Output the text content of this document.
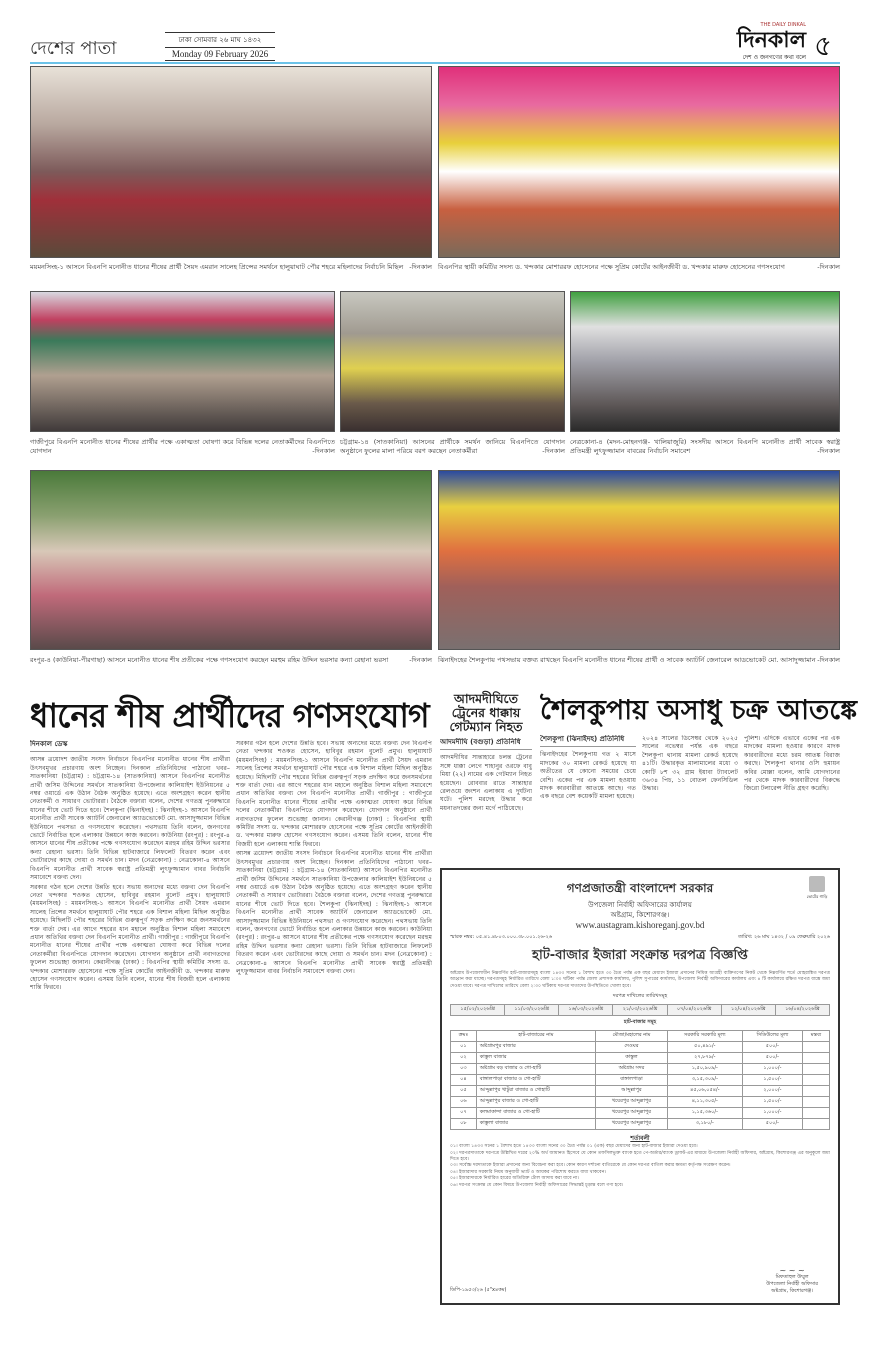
দেশের পাতা	ঢাকা সোমবার ২৬ মাঘ ১৪৩২
Monday 09 February 2026
THE DAILY DINKAL
দিনকাল
দেশ ও জনগণের কথা বলে ৫
ময়মনসিংহ-১ আসনে বিএনপি মনোনীত ধানের শীষের প্রার্থী সৈয়দ এমরান সালেহ প্রিন্সের সমর্থনে হালুয়াঘাট পৌর শহরে মহিলাদের নির্বাচনি মিছিল -দিনকাল বিএনপির স্থায়ী কমিটির সদস্য ড. খন্দকার মোশাররফ হোসেনের পক্ষে সুপ্রিম কোর্টের আইনজীবী ড. খন্দকার মারুফ হোসেনের গণসংযোগ	-দিনকাল
গাজীপুরে বিএনপি মনোনীত ধানের শীষের প্রার্থীর পক্ষে একাত্মতা ঘোষণা করে বিভিন্ন দলের নেতাকর্মীদের বিএনপিতে যোগদান	-দিনকাল
চট্টগ্রাম-১৪ (সাতকানিয়া) আসনের প্রার্থীকে সমর্থন জানিয়ে বিএনপিতে যোগদান অনুষ্ঠানে ফুলের মালা পরিয়ে বরণ করছেন নেতাকর্মীরা	-দিনকাল
নেত্রকোনা-৪ (মদন-মোহনগঞ্জ- খালিয়াজুরি) সংসদীয় আসনে বিএনপি মনোনীত প্রার্থী সাবেক স্বরাষ্ট্র প্রতিমন্ত্রী লুৎফুজ্জামান বাবরের নির্বাচনি সমাবেশ	-দিনকাল
রংপুর-৪ (কাউনিয়া-পীরগাছা) আসনে মনোনীত ধানের শীষ প্রতীকের পক্ষে গণসংযোগ করছেন মরহুম রহিম উদ্দিন ভরসার কন্যা রেহানা ভরসা	-দিনকাল ঝিনাইদহের শৈলকুপায় পথসভায় বক্তব্য রাখছেন বিএনপি মনোনীত ধানের শীষের প্রার্থী ও সাবেক অ্যাটর্নি জেনারেল আডভোকেট মো. আসাদুজ্জামান -দিনকাল
ধানের শীষ প্রার্থীদের গণসংযোগ
দিনকাল ডেস্ক

আসন্ন ত্রয়োদশ জাতীয় সংসদ নির্বাচনে বিএনপির মনোনীত ধানের শীষ প্রার্থীরা উৎসবমুখর প্রচারণায় অংশ নিচ্ছেন। দিনকাল প্রতিনিধিদের পাঠানো খবর– সাতকানিয়া (চট্টগ্রাম) : চট্টগ্রাম-১৪ (সাতকানিয়া) আসনে বিএনপির মনোনীত প্রার্থী জসিম উদ্দিনের সমর্থনে সাতকানিয়া উপজেলার কালিয়াইশ ইউনিয়নের ৫ নম্বর ওয়ার্ডে এক উঠান বৈঠক অনুষ্ঠিত হয়েছে। এতে অংশগ্রহণ করেন স্থানীয় নেতাকর্মী ও সাধারণ ভোটাররা। বৈঠকে বক্তারা বলেন, দেশের গণতন্ত্র পুনরুদ্ধারে ধানের শীষে ভোট দিতে হবে। শৈলকুপা (ঝিনাইদহ) : ঝিনাইদহ-১ আসনে বিএনপি মনোনীত প্রার্থী সাবেক অ্যাটর্নি জেনারেল অ্যাডভোকেট মো. আসাদুজ্জামান বিভিন্ন ইউনিয়নে পথসভা ও গণসংযোগ করেছেন। পথসভায় তিনি বলেন, জনগণের ভোটে নির্বাচিত হলে এলাকার উন্নয়নে কাজ করবেন। কাউনিয়া (রংপুর) : রংপুর-৪ আসনে ধানের শীষ প্রতীকের পক্ষে গণসংযোগ করেছেন মরহুম রহিম উদ্দিন ভরসার কন্যা রেহানা ভরসা। তিনি বিভিন্ন হাটবাজারে লিফলেট বিতরণ করেন এবং ভোটারদের কাছে দোয়া ও সমর্থন চান। মদন (নেত্রকোনা) : নেত্রকোনা-৪ আসনে বিএনপি মনোনীত প্রার্থী সাবেক স্বরাষ্ট্র প্রতিমন্ত্রী লুৎফুজ্জামান বাবর নির্বাচনি সমাবেশে বক্তব্য দেন।

সরকার গঠন হলে দেশের উন্নতি হবে। সভায় অন্যদের মধ্যে বক্তব্য দেন বিএনপি নেতা খন্দকার শওকত হোসেন, হাবিবুর রহমান বুলেট প্রমুখ। হালুয়াঘাট (ময়মনসিংহ) : ময়মনসিংহ-১ আসনে বিএনপি মনোনীত প্রার্থী সৈয়দ এমরান সালেহ প্রিন্সের সমর্থনে হালুয়াঘাট পৌর শহরে এক বিশাল মহিলা মিছিল অনুষ্ঠিত হয়েছে। মিছিলটি পৌর শহরের বিভিন্ন গুরুত্বপূর্ণ সড়ক প্রদক্ষিণ করে জনসমর্থনের শক্ত বার্তা দেয়। এর আগে শহরের ধান মহালে অনুষ্ঠিত বিশাল মহিলা সমাবেশে প্রধান অতিথির বক্তব্য দেন বিএনপি মনোনীত প্রার্থী। গাজীপুর : গাজীপুরে বিএনপি মনোনীত ধানের শীষের প্রার্থীর পক্ষে একাত্মতা ঘোষণা করে বিভিন্ন দলের নেতাকর্মীরা বিএনপিতে যোগদান করেছেন। যোগদান অনুষ্ঠানে প্রার্থী নবাগতদের ফুলেল শুভেচ্ছা জানান। কেরানীগঞ্জ (ঢাকা) : বিএনপির স্থায়ী কমিটির সদস্য ড. খন্দকার মোশাররফ হোসেনের পক্ষে সুপ্রিম কোর্টের আইনজীবী ড. খন্দকার মারুফ হোসেন গণসংযোগ করেন। এসময় তিনি বলেন, ধানের শীষ বিজয়ী হলে এলাকায় শান্তি ফিরবে।

সরকার গঠন হলে দেশের উন্নতি হবে। সভায় অন্যদের মধ্যে বক্তব্য দেন বিএনপি নেতা খন্দকার শওকত হোসেন, হাবিবুর রহমান বুলেট প্রমুখ। হালুয়াঘাট (ময়মনসিংহ) : ময়মনসিংহ-১ আসনে বিএনপি মনোনীত প্রার্থী সৈয়দ এমরান সালেহ প্রিন্সের সমর্থনে হালুয়াঘাট পৌর শহরে এক বিশাল মহিলা মিছিল অনুষ্ঠিত হয়েছে। মিছিলটি পৌর শহরের বিভিন্ন গুরুত্বপূর্ণ সড়ক প্রদক্ষিণ করে জনসমর্থনের শক্ত বার্তা দেয়। এর আগে শহরের ধান মহালে অনুষ্ঠিত বিশাল মহিলা সমাবেশে প্রধান অতিথির বক্তব্য দেন বিএনপি মনোনীত প্রার্থী। গাজীপুর : গাজীপুরে বিএনপি মনোনীত ধানের শীষের প্রার্থীর পক্ষে একাত্মতা ঘোষণা করে বিভিন্ন দলের নেতাকর্মীরা বিএনপিতে যোগদান করেছেন। যোগদান অনুষ্ঠানে প্রার্থী নবাগতদের ফুলেল শুভেচ্ছা জানান। কেরানীগঞ্জ (ঢাকা) : বিএনপির স্থায়ী কমিটির সদস্য ড. খন্দকার মোশাররফ হোসেনের পক্ষে সুপ্রিম কোর্টের আইনজীবী ড. খন্দকার মারুফ হোসেন গণসংযোগ করেন। এসময় তিনি বলেন, ধানের শীষ বিজয়ী হলে এলাকায় শান্তি ফিরবে।

আসন্ন ত্রয়োদশ জাতীয় সংসদ নির্বাচনে বিএনপির মনোনীত ধানের শীষ প্রার্থীরা উৎসবমুখর প্রচারণায় অংশ নিচ্ছেন। দিনকাল প্রতিনিধিদের পাঠানো খবর– সাতকানিয়া (চট্টগ্রাম) : চট্টগ্রাম-১৪ (সাতকানিয়া) আসনে বিএনপির মনোনীত প্রার্থী জসিম উদ্দিনের সমর্থনে সাতকানিয়া উপজেলার কালিয়াইশ ইউনিয়নের ৫ নম্বর ওয়ার্ডে এক উঠান বৈঠক অনুষ্ঠিত হয়েছে। এতে অংশগ্রহণ করেন স্থানীয় নেতাকর্মী ও সাধারণ ভোটাররা। বৈঠকে বক্তারা বলেন, দেশের গণতন্ত্র পুনরুদ্ধারে ধানের শীষে ভোট দিতে হবে। শৈলকুপা (ঝিনাইদহ) : ঝিনাইদহ-১ আসনে বিএনপি মনোনীত প্রার্থী সাবেক অ্যাটর্নি জেনারেল অ্যাডভোকেট মো. আসাদুজ্জামান বিভিন্ন ইউনিয়নে পথসভা ও গণসংযোগ করেছেন। পথসভায় তিনি বলেন, জনগণের ভোটে নির্বাচিত হলে এলাকার উন্নয়নে কাজ করবেন। কাউনিয়া (রংপুর) : রংপুর-৪ আসনে ধানের শীষ প্রতীকের পক্ষে গণসংযোগ করেছেন মরহুম রহিম উদ্দিন ভরসার কন্যা রেহানা ভরসা। তিনি বিভিন্ন হাটবাজারে লিফলেট বিতরণ করেন এবং ভোটারদের কাছে দোয়া ও সমর্থন চান। মদন (নেত্রকোনা) : নেত্রকোনা-৪ আসনে বিএনপি মনোনীত প্রার্থী সাবেক স্বরাষ্ট্র প্রতিমন্ত্রী লুৎফুজ্জামান বাবর নির্বাচনি সমাবেশে বক্তব্য দেন।

আদমদীঘিতে ট্রেনের ধাক্কায় গেটম্যান নিহত
আদমদীঘি (বগুড়া) প্রতিনিধি

আদমদীঘির সান্তাহারে চলন্ত ট্রেনের সঙ্গে ধাক্কা লেগে শাহানুর ওরফে বাবু মিয়া (২২) নামের এক গেটম্যান নিহত হয়েছেন। রোববার রাতে সান্তাহার রেলওয়ে জংশন এলাকায় এ দুর্ঘটনা ঘটে। পুলিশ মরদেহ উদ্ধার করে ময়নাতদন্তের জন্য মর্গে পাঠিয়েছে।

শৈলকুপায় অসাধু চক্র আতঙ্কে
শৈলকুপা (ঝিনাইদহ) প্রতিনিধি

ঝিনাইদহের শৈলকুপায় গত ২ মাসে মাদকের ৩০ মামলা রেকর্ড হয়েছে যা অতীতের যে কোনো সময়ের চেয়ে বেশি। একের পর এক মামলা হওয়ায় মাদক কারবারীরা আতঙ্কে আছে। গত এক বছরে বেশ কয়েকটি মামলা হয়েছে।

২০২৪ সালের ডিসেম্বর থেকে ২০২৫ সালের নভেম্বর পর্যন্ত এক বছরে শৈলকুপা থানায় মামলা রেকর্ড হয়েছে ৪১টি। উদ্ধারকৃত মালামালের মধ্যে ৩ কোটি ৮শ ৩২ গ্রাম ইয়াবা ট্যাবলেট ৩৬৩৪ পিচ, ১১ বোতল ফেনসিডিল উদ্ধার।

পুলিশ। এদিকে এভাবে একের পর এক মাদকের মামলা হওয়ার কারণে মাদক কারবারীদের মধ্যে চরম আতঙ্ক বিরাজ করছে। শৈলকুপা থানার ওসি হুমায়ন কবির মোল্লা বলেন, আমি যোগদানের পর থেকে মাদক কারবারীদের বিরুদ্ধে জিরো টলারেন্স নীতি গ্রহণ করেছি।

গণপ্রজাতন্ত্রী বাংলাদেশ সরকার
উপজেলা নির্বাহী অফিসারের কার্যালয়
অষ্টগ্রাম, কিশোরগঞ্জ।
www.austagram.kishoreganj.gov.bd
স্মারক নম্বর: ০৫.৪১.৪৮০৩.০০০.৩৮.০০১.২৬-২৬	তারিখ: ২৬ মাঘ ১৪৩২ / ০৯ ফেব্রুয়ারি ২০২৬
হাট-বাজার ইজারা সংক্রান্ত দরপত্র বিজ্ঞপ্তি
অষ্টগ্রাম উপজেলাধীন নিম্নবর্ণিত হাট-বাজারসমূহ বাংলা ১৪৩৩ সনের ১ বৈশাখ হতে ৩০ চৈত্র পর্যন্ত এক বছর মেয়াদে ইজারা প্রদানের নিমিত্ত আগ্রহী ব্যক্তিগণের নিকট থেকে নিম্নবর্ণিত শর্তে মোহরাঙ্কিত দরপত্র আহ্বান করা যাচ্ছে। দরপত্রসমূহ নির্ধারিত তারিখে বেলা ১:০০ ঘটিকা পর্যন্ত জেলা প্রশাসক কার্যালয়, পুলিশ সুপারের কার্যালয়, উপজেলা নির্বাহী অফিসারের কার্যালয় এবং ৪ টি কার্যালয়ে রক্ষিত দরপত্র বাক্সে জমা দেওয়া যাবে। দরপত্র দাখিলের তারিখে বেলা ২:৩০ ঘটিকায় দরপত্র দাতাদের উপস্থিতিতে খোলা হবে।
দরপত্র দাখিলের তারিখসমূহ
১৫/০২/২০২৬খ্রি	১১/০৩/২০২৬খ্রি	১৬/০৩/২০২৬খ্রি	২১/০৩/২০২৬খ্রি	০৭/০৪/২০২৬খ্রি	১২/০৪/২০২৬খ্রি	১৬/০৪/২০২৬খ্রি
হাট-বাজার সমূহ
ক্রমঃ	হাট-বাজারের নাম	মৌজা/মহালের নাম	সরকারি সরকারি মূল্য	সিডিউলের মূল্য	মন্তব্য
০১	অষ্টগ্রামপুর বাজার	দেওঘর	৫০,৪৯১/-	৫০০/-	
০২	কাস্তুল বাজার	কাস্তুল	২৭,৮৭৯/-	৫০০/-	
০৩	অষ্টগ্রাম বড় বাজার ও গো-হাটি	অষ্টগ্রাম সদর	১,৫০,৯০৯/-	১,০০০/-	
০৪	বাঙ্গালপাড়া বাজার ও গো-হাটি	বাঙ্গালপাড়া	৩,১৫,৩০৯/-	১,৫০০/-	
০৫	আব্দুল্লাপুর খাটুরা বাজার ও গোহাটি	আব্দুল্লাপুর	৪৫,০৬,০৫৪/-	২,০০০/-	
০৬	আব্দুল্লাপুর বাজার ও গো-হাটি	খয়েরপুর আব্দুল্লাপুর	৪,১১,৩০৫/-	১,৫০০/-	
০৭	কলমাকান্দা বাজার ও গো-হাটি	খয়েরপুর আব্দুল্লাপুর	১,১৫,৩৬০/-	১,০০০/-	
০৮	কাস্তুলা বাজার	খয়েরপুর আব্দুল্লাপুর	৩,১৮০/-	৫০০/-	
শর্তাবলী

০১। বাংলা ১৪৩৩ সনের ১ বৈশাখ হতে ১৪৩৩ বাংলা সনের ৩০ চৈত্র পর্যন্ত ০১ (এক) বছর মেয়াদের জন্য হাট-বাজার ইজারা দেওয়া হবে।

০২। দরপত্রদাতাকে দরপত্রে উল্লিখিত দরের ২০% অর্থ জামানত হিসেবে যে কোন তফসিলভুক্ত ব্যাংক হতে পে-অর্ডার/ব্যাংক ড্রাফট-এর মাধ্যমে উপজেলা নির্বাহী অফিসার, অষ্টগ্রাম, কিশোরগঞ্জ এর অনুকূলে জমা দিতে হবে।

০৩। সর্বোচ্চ দরদাতাকে ইজারা প্রদানের জন্য বিবেচনা করা হবে। কোন কারণ দর্শানো ব্যতিরেকে যে কোন দরপত্র বাতিল করার ক্ষমতা কর্তৃপক্ষ সংরক্ষণ করেন।

০৪। ইজারাদার সরকারি নিয়ম অনুযায়ী ভ্যাট ও আয়কর পরিশোধ করতে বাধ্য থাকবেন।

০৫। ইজারাদারকে নির্ধারিত হারের অতিরিক্ত টোল আদায় করা যাবে না।

০৬। দরপত্র সংক্রান্ত যে কোন বিষয়ে উপজেলা নির্বাহী অফিসারের সিদ্ধান্তই চূড়ান্ত বলে গণ্য হবে।

~ ~ ~
মিফতাহুল উম্মুল
উপজেলা নির্বাহী অফিসার
অষ্টগ্রাম, কিশোরগঞ্জ।
ডিপি-১৯৫৩/২৬ (৫"x৪কম)
ভোটের গাড়ি
